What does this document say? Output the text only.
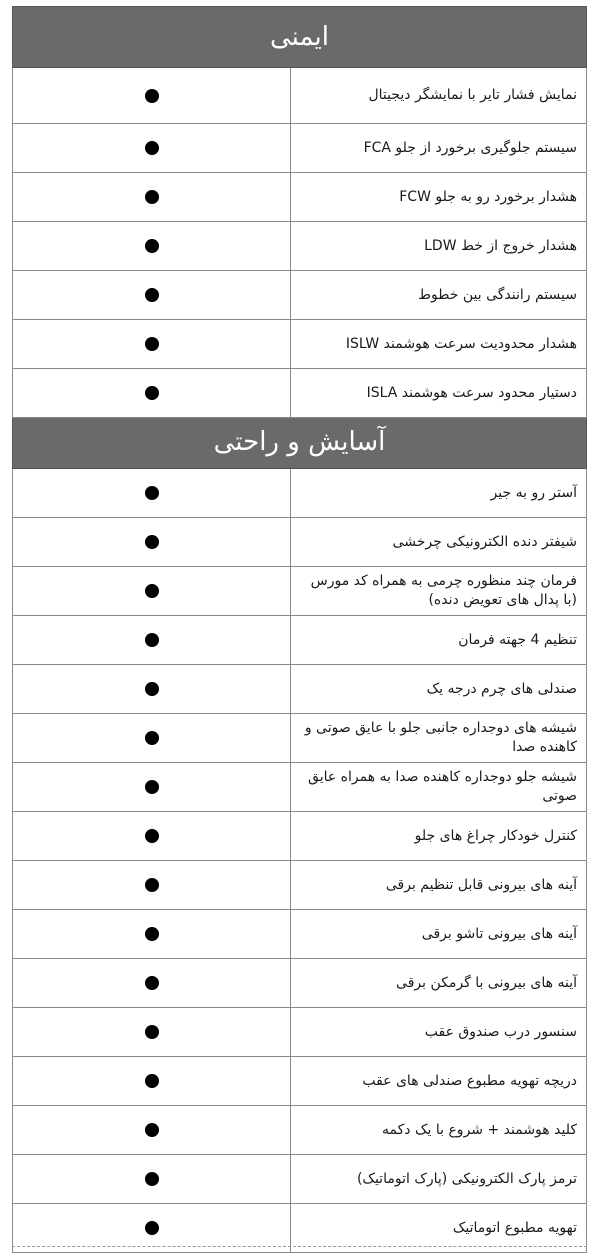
ایمنی
نمایش فشار تایر با نمایشگر دیجیتال
سیستم جلوگیری برخورد از جلو FCA
هشدار برخورد رو به جلو FCW
هشدار خروج از خط LDW
سیستم رانندگی بین خطوط
هشدار محدودیت سرعت هوشمند ISLW
دستیار محدود سرعت هوشمند ISLA
آسایش و راحتی
آستر رو به جیر
شیفتر دنده الکترونیکی چرخشی
فرمان چند منظوره چرمی به همراه کد مورس (با پدال های تعویض دنده)
تنظیم 4 جهته فرمان
صندلی های چرم درجه یک
شیشه های دوجداره جانبی جلو با عایق صوتی و کاهنده صدا
شیشه جلو دوجداره کاهنده صدا به همراه عایق صوتی
کنترل خودکار چراغ های جلو
آینه های بیرونی قابل تنظیم برقی
آینه های بیرونی تاشو برقی
آینه های بیرونی با گرمکن برقی
سنسور درب صندوق عقب
دریچه تهویه مطبوع صندلی های عقب
کلید هوشمند + شروع با یک دکمه
ترمز پارک الکترونیکی (پارک اتوماتیک)
تهویه مطبوع اتوماتیک
